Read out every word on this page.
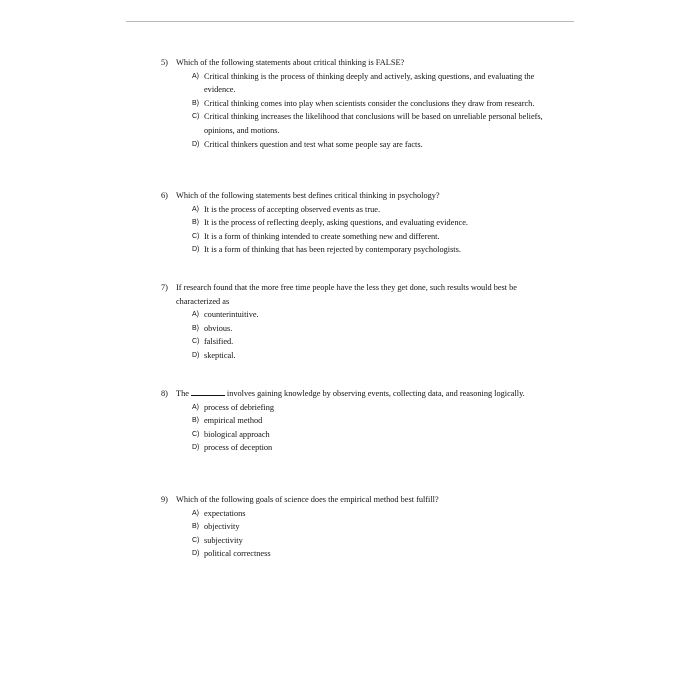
5) Which of the following statements about critical thinking is FALSE?
A) Critical thinking is the process of thinking deeply and actively, asking questions, and evaluating the evidence.
B) Critical thinking comes into play when scientists consider the conclusions they draw from research.
C) Critical thinking increases the likelihood that conclusions will be based on unreliable personal beliefs, opinions, and motions.
D) Critical thinkers question and test what some people say are facts.
6) Which of the following statements best defines critical thinking in psychology?
A) It is the process of accepting observed events as true.
B) It is the process of reflecting deeply, asking questions, and evaluating evidence.
C) It is a form of thinking intended to create something new and different.
D) It is a form of thinking that has been rejected by contemporary psychologists.
7) If research found that the more free time people have the less they get done, such results would best be characterized as
A) counterintuitive.
B) obvious.
C) falsified.
D) skeptical.
8) The	involves gaining knowledge by observing events, collecting data, and reasoning logically.
A) process of debriefing
B) empirical method
C) biological approach
D) process of deception
9) Which of the following goals of science does the empirical method best fulfill?
A) expectations
B) objectivity
C) subjectivity
D) political correctness
